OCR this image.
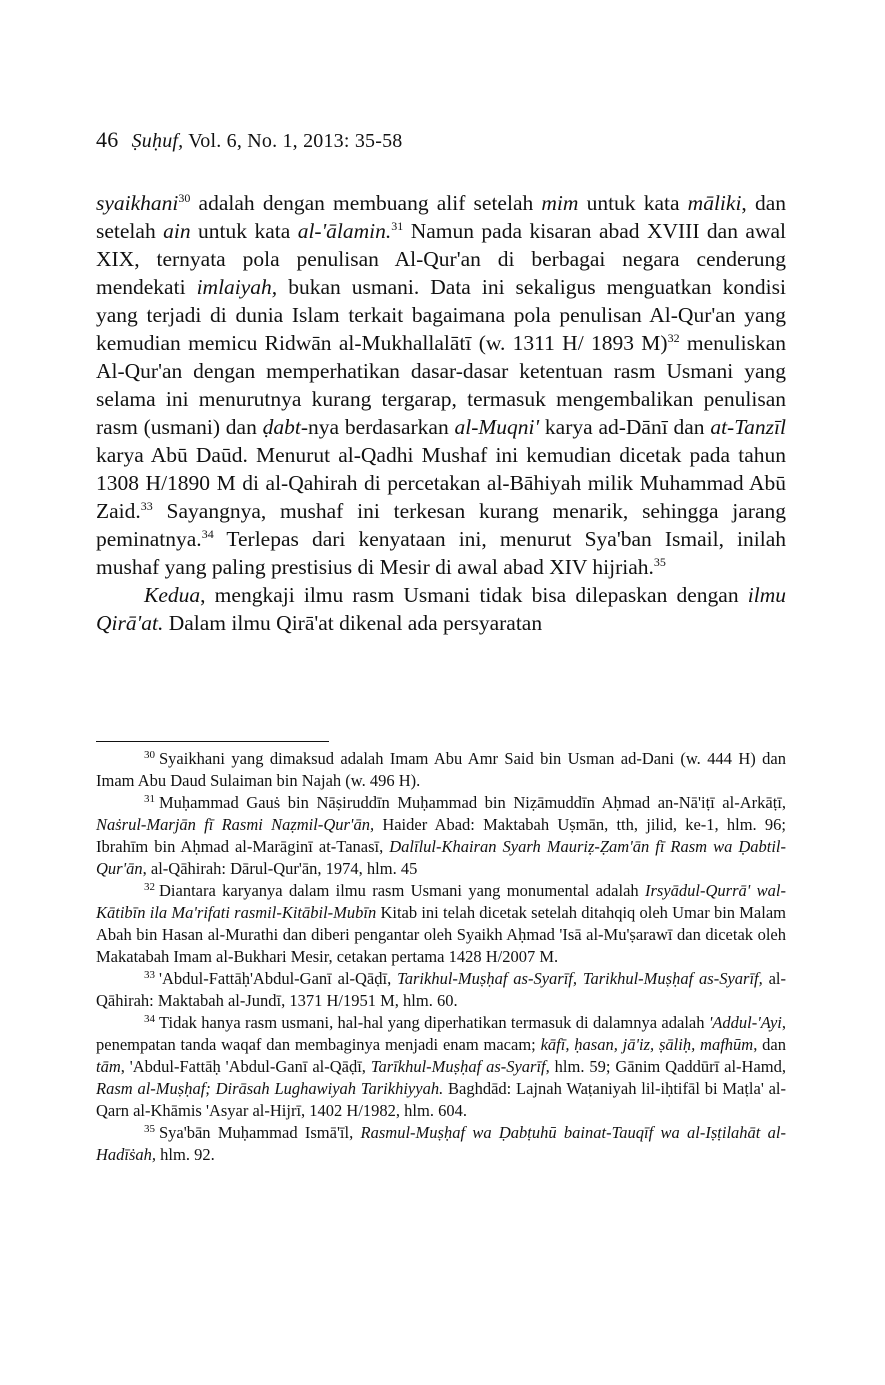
46 Ṣuḥuf, Vol. 6, No. 1, 2013: 35-58

syaikhani$^{30}$ adalah dengan membuang alif setelah mim untuk kata māliki, dan setelah ain untuk kata al-'ālamin.$^{31}$ Namun pada kisaran abad XVIII dan awal XIX, ternyata pola penulisan Al-Qur'an di berbagai negara cenderung mendekati imlaiyah, bukan usmani. Data ini sekaligus menguatkan kondisi yang terjadi di dunia Islam terkait bagaimana pola penulisan Al-Qur'an yang kemudian memicu Ridwān al-Mukhallalātī (w. 1311 H/ 1893 M)$^{32}$ menuliskan Al-Qur'an dengan memperhatikan dasar-dasar ketentuan rasm Usmani yang selama ini menurutnya kurang tergarap, termasuk mengembalikan penulisan rasm (usmani) dan ḍabt-nya berdasarkan al-Muqni' karya ad-Dānī dan at-Tanzīl karya Abū Daūd. Menurut al-Qadhi Mushaf ini kemudian dicetak pada tahun 1308 H/1890 M di al-Qahirah di percetakan al-Bāhiyah milik Muhammad Abū Zaid.$^{33}$ Sayangnya, mushaf ini terkesan kurang menarik, sehingga jarang peminatnya.$^{34}$ Terlepas dari kenyataan ini, menurut Sya'ban Ismail, inilah mushaf yang paling prestisius di Mesir di awal abad XIV hijriah.$^{35}$

Kedua, mengkaji ilmu rasm Usmani tidak bisa dilepaskan dengan ilmu Qirā'at. Dalam ilmu Qirā'at dikenal ada persyaratan

$^{30}$ Syaikhani yang dimaksud adalah Imam Abu Amr Said bin Usman ad-Dani (w. 444 H) dan Imam Abu Daud Sulaiman bin Najah (w. 496 H).

$^{31}$ Muḥammad Gauṡ bin Nāṣiruddīn Muḥammad bin Niẓāmuddīn Aḥmad an-Nā'iṭī al-Arkāṭī, Naṡrul-Marjān fī Rasmi Naẓmil-Qur'ān, Haider Abad: Maktabah Uṣmān, tth, jilid, ke-1, hlm. 96; Ibrahīm bin Aḥmad al-Marāginī at-Tanasī, Dalīlul-Khairan Syarh Mauriẓ-Ẓam'ān fī Rasm wa Ḍabtil-Qur'ān, al-Qāhirah: Dārul-Qur'ān, 1974, hlm. 45

$^{32}$ Diantara karyanya dalam ilmu rasm Usmani yang monumental adalah Irsyādul-Qurrā' wal-Kātibīn ila Ma'rifati rasmil-Kitābil-Mubīn Kitab ini telah dicetak setelah ditahqiq oleh Umar bin Malam Abah bin Hasan al-Murathi dan diberi pengantar oleh Syaikh Aḥmad 'Isā al-Mu'ṣarawī dan dicetak oleh Makatabah Imam al-Bukhari Mesir, cetakan pertama 1428 H/2007 M.

$^{33}$ 'Abdul-Fattāḥ'Abdul-Ganī al-Qāḍī, Tarikhul-Muṣḥaf as-Syarīf, Tarikhul-Muṣḥaf as-Syarīf, al-Qāhirah: Maktabah al-Jundī, 1371 H/1951 M, hlm. 60.

$^{34}$ Tidak hanya rasm usmani, hal-hal yang diperhatikan termasuk di dalamnya adalah 'Addul-'Ayi, penempatan tanda waqaf dan membaginya menjadi enam macam; kāfī, ḥasan, jā'iz, ṣāliḥ, mafhūm, dan tām, 'Abdul-Fattāḥ 'Abdul-Ganī al-Qāḍī, Tarīkhul-Muṣḥaf as-Syarīf, hlm. 59; Gānim Qaddūrī al-Hamd, Rasm al-Muṣḥaf; Dirāsah Lughawiyah Tarikhiyyah. Baghdād: Lajnah Waṭaniyah lil-iḥtifāl bi Maṭla' al-Qarn al-Khāmis 'Asyar al-Hijrī, 1402 H/1982, hlm. 604.

$^{35}$ Sya'bān Muḥammad Ismā'īl, Rasmul-Muṣḥaf wa Ḍabṭuhū bainat-Tauqīf wa al-Iṣṭilahāt al-Hadīṡah, hlm. 92.
